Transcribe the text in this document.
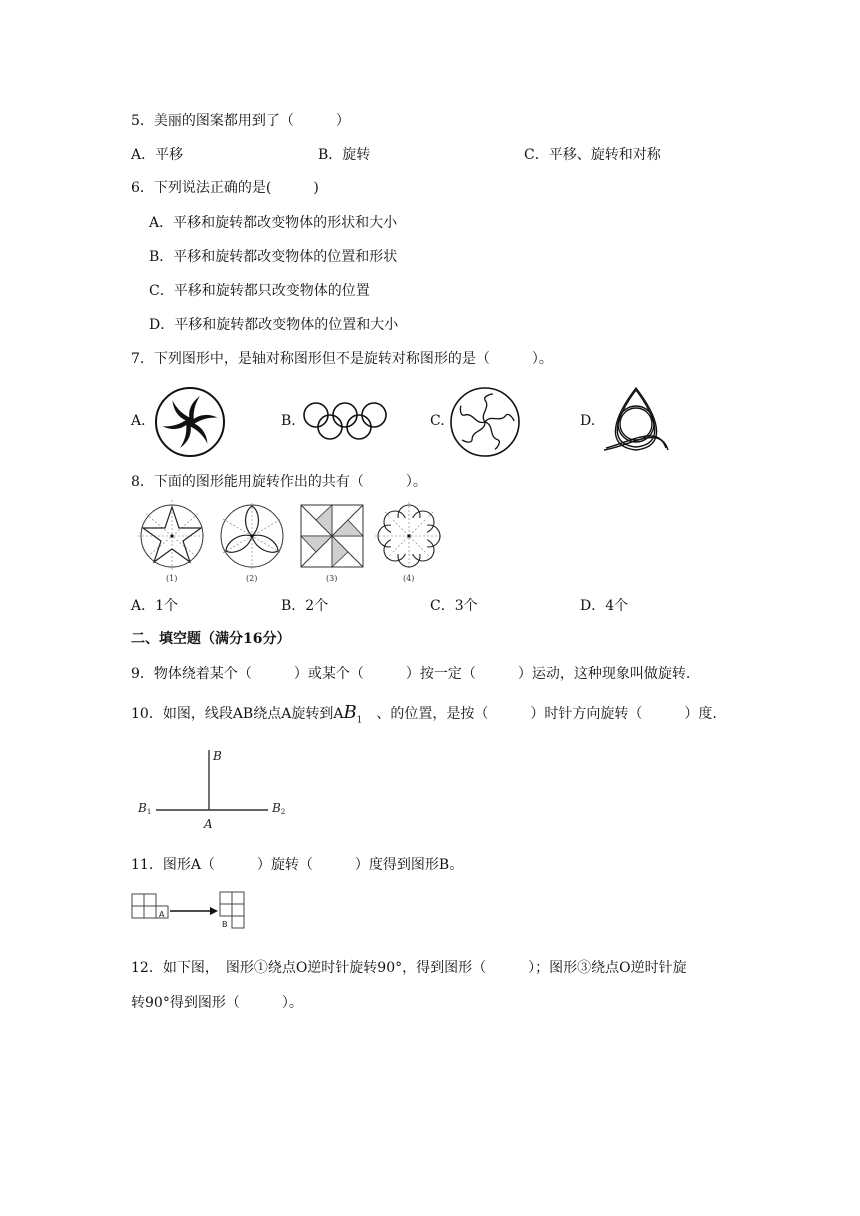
5．美丽的图案都用到了（　　　）
A．平移	B．旋转	C．平移、旋转和对称
6．下列说法正确的是(　　　)
A．平移和旋转都改变物体的形状和大小
B．平移和旋转都改变物体的位置和形状
C．平移和旋转都只改变物体的位置
D．平移和旋转都改变物体的位置和大小
7．下列图形中，是轴对称图形但不是旋转对称图形的是（　　　）。
A.	B.	C.	D.
8．下面的图形能用旋转作出的共有（　　　）。
(1)	(2)	(3)	(4)
A．1个	B．2个	C．3个	D．4个
二、填空题（满分16分）
9．物体绕着某个（　　　）或某个（　　　）按一定（　　　）运动，这种现象叫做旋转.
10．如图，线段AB绕点A旋转到$AB_1$　、的位置，是按（　　　）时针方向旋转（　　　）度.
B
A
B1	B2
11．图形A（　　　）旋转（　　　）度得到图形B。
A
B
12．如下图，　图形①绕点O逆时针旋转90°，得到图形（　　　）；图形③绕点O逆时针旋
转90°得到图形（　　　）。
